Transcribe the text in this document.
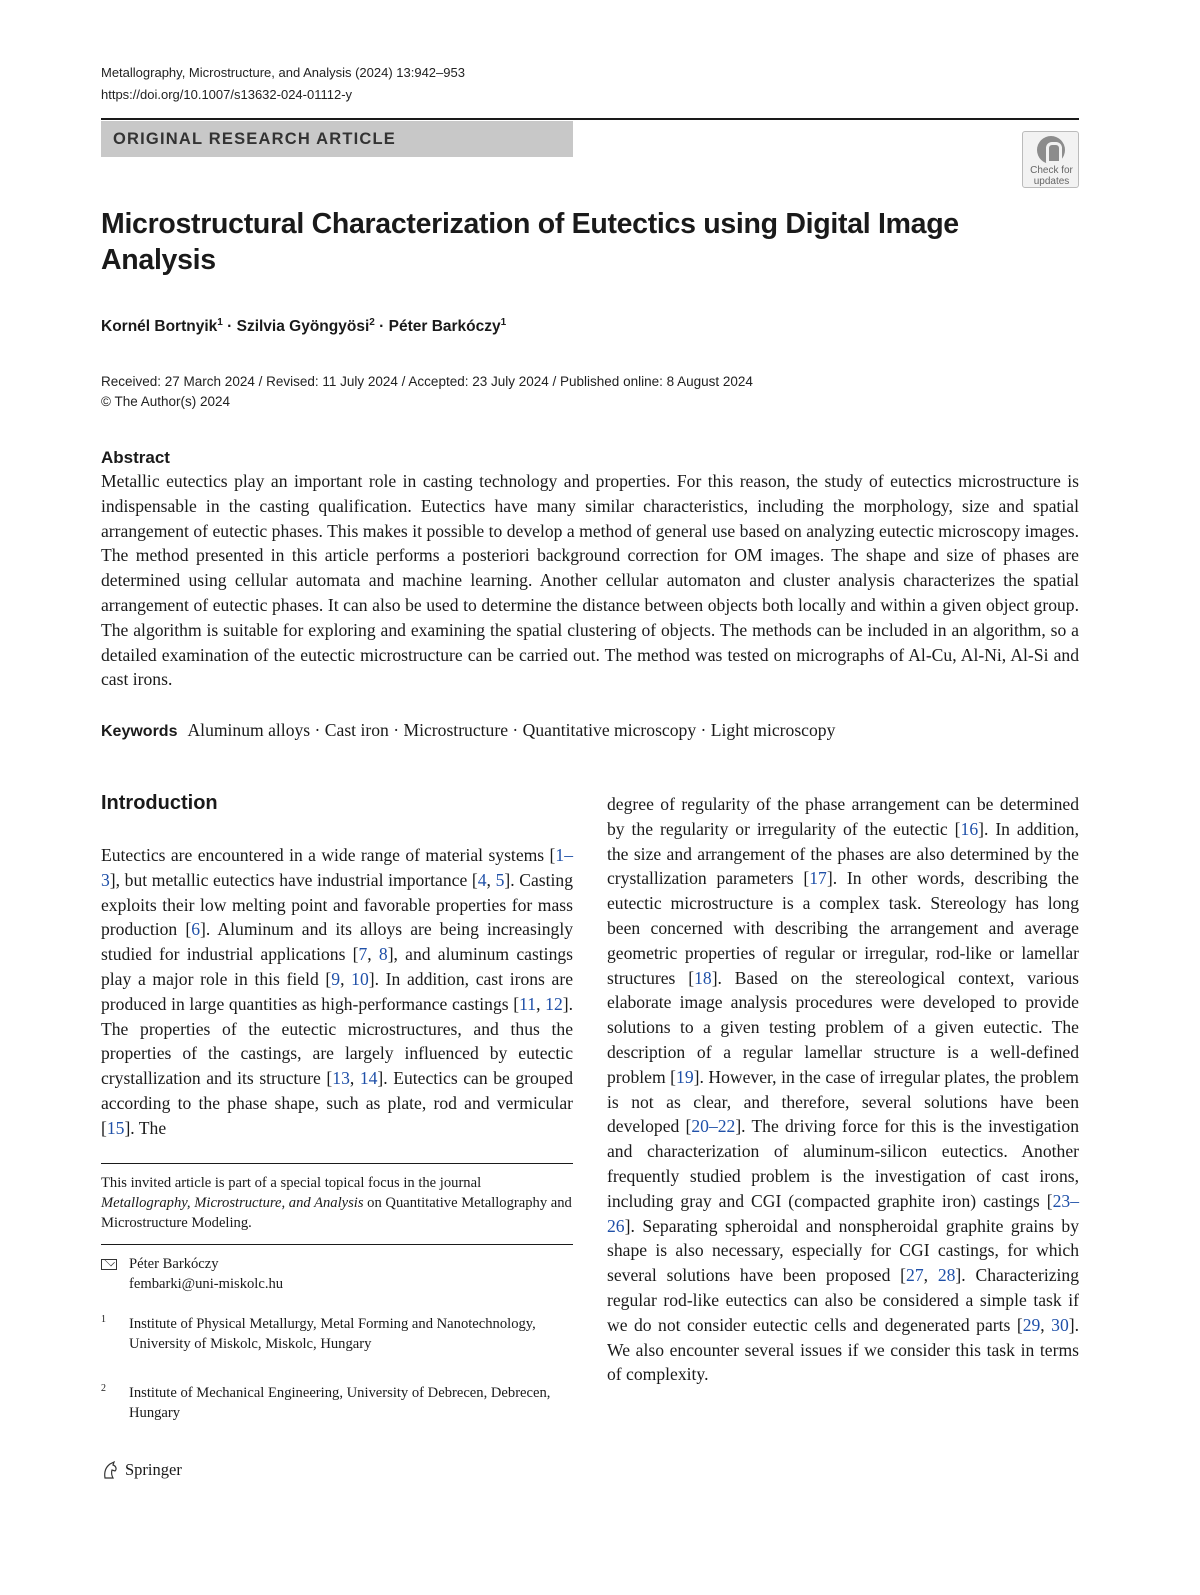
Metallography, Microstructure, and Analysis (2024) 13:942–953
https://doi.org/10.1007/s13632-024-01112-y
ORIGINAL RESEARCH ARTICLE
Check for updates
Microstructural Characterization of Eutectics using Digital Image Analysis
Kornél Bortnyik$^1$ · Szilvia Gyöngyösi$^2$ · Péter Barkóczy$^1$
Received: 27 March 2024 / Revised: 11 July 2024 / Accepted: 23 July 2024 / Published online: 8 August 2024
© The Author(s) 2024
Abstract

Metallic eutectics play an important role in casting technology and properties. For this reason, the study of eutectics microstructure is indispensable in the casting qualification. Eutectics have many similar characteristics, including the morphology, size and spatial arrangement of eutectic phases. This makes it possible to develop a method of general use based on analyzing eutectic microscopy images. The method presented in this article performs a posteriori background correction for OM images. The shape and size of phases are determined using cellular automata and machine learning. Another cellular automaton and cluster analysis characterizes the spatial arrangement of eutectic phases. It can also be used to determine the distance between objects both locally and within a given object group. The algorithm is suitable for exploring and examining the spatial clustering of objects. The methods can be included in an algorithm, so a detailed examination of the eutectic microstructure can be carried out. The method was tested on micrographs of Al-Cu, Al-Ni, Al-Si and cast irons.

Keywords Aluminum alloys · Cast iron · Microstructure · Quantitative microscopy · Light microscopy
Introduction

Eutectics are encountered in a wide range of material systems [1–3], but metallic eutectics have industrial importance [4, 5]. Casting exploits their low melting point and favorable properties for mass production [6]. Aluminum and its alloys are being increasingly studied for industrial applications [7, 8], and aluminum castings play a major role in this field [9, 10]. In addition, cast irons are produced in large quantities as high-performance castings [11, 12]. The properties of the eutectic microstructures, and thus the properties of the castings, are largely influenced by eutectic crystallization and its structure [13, 14]. Eutectics can be grouped according to the phase shape, such as plate, rod and vermicular [15]. The

degree of regularity of the phase arrangement can be determined by the regularity or irregularity of the eutectic [16]. In addition, the size and arrangement of the phases are also determined by the crystallization parameters [17]. In other words, describing the eutectic microstructure is a complex task. Stereology has long been concerned with describing the arrangement and average geometric properties of regular or irregular, rod-like or lamellar structures [18]. Based on the stereological context, various elaborate image analysis procedures were developed to provide solutions to a given testing problem of a given eutectic. The description of a regular lamellar structure is a well-defined problem [19]. However, in the case of irregular plates, the problem is not as clear, and therefore, several solutions have been developed [20–22]. The driving force for this is the investigation and characterization of aluminum-silicon eutectics. Another frequently studied problem is the investigation of cast irons, including gray and CGI (compacted graphite iron) castings [23–26]. Separating spheroidal and nonspheroidal graphite grains by shape is also necessary, especially for CGI castings, for which several solutions have been proposed [27, 28]. Characterizing regular rod-like eutectics can also be considered a simple task if we do not consider eutectic cells and degenerated parts [29, 30]. We also encounter several issues if we consider this task in terms of complexity.

This invited article is part of a special topical focus in the journal Metallography, Microstructure, and Analysis on Quantitative Metallography and Microstructure Modeling.
Péter Barkóczy
fembarki@uni-miskolc.hu
1 Institute of Physical Metallurgy, Metal Forming and Nanotechnology, University of Miskolc, Miskolc, Hungary
2 Institute of Mechanical Engineering, University of Debrecen, Debrecen, Hungary
Springer
